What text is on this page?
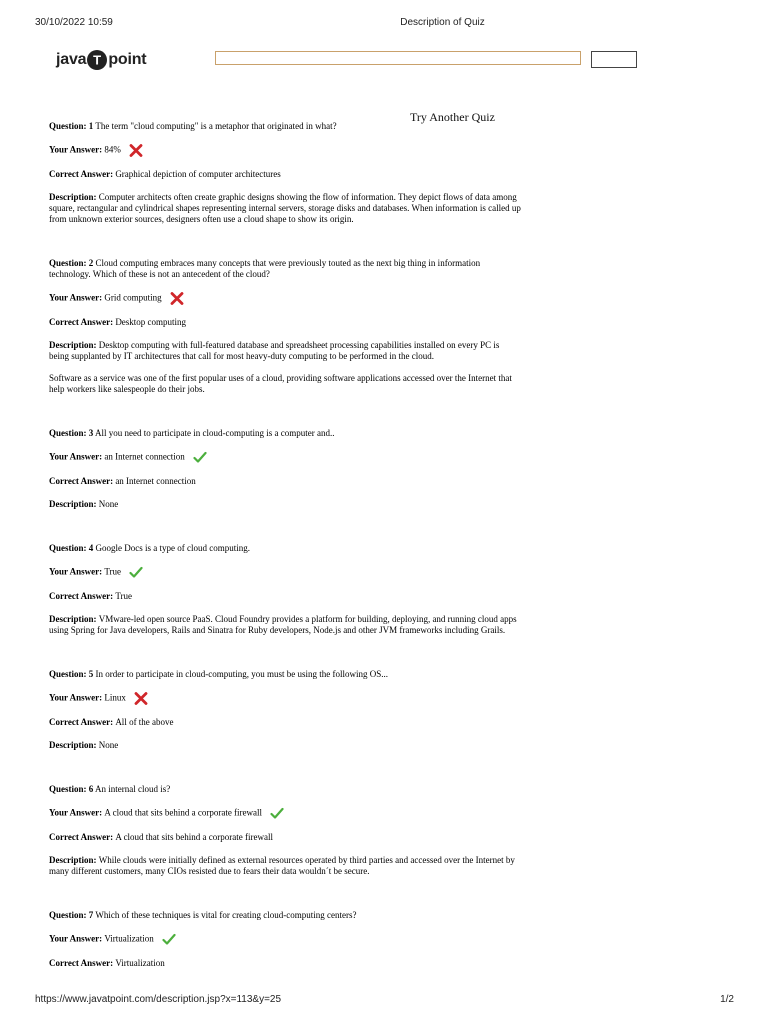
30/10/2022 10:59	Description of Quiz
java T point
Try Another Quiz

Question: 1 The term "cloud computing" is a metaphor that originated in what?

Your Answer: 84%

Correct Answer: Graphical depiction of computer architectures

Description: Computer architects often create graphic designs showing the flow of information. They depict flows of data among square, rectangular and cylindrical shapes representing internal servers, storage disks and databases. When information is called up from unknown exterior sources, designers often use a cloud shape to show its origin.

Question: 2 Cloud computing embraces many concepts that were previously touted as the next big thing in information technology. Which of these is not an antecedent of the cloud?

Your Answer: Grid computing

Correct Answer: Desktop computing

Description: Desktop computing with full-featured database and spreadsheet processing capabilities installed on every PC is being supplanted by IT architectures that call for most heavy-duty computing to be performed in the cloud.

Software as a service was one of the first popular uses of a cloud, providing software applications accessed over the Internet that help workers like salespeople do their jobs.

Question: 3 All you need to participate in cloud-computing is a computer and..

Your Answer: an Internet connection

Correct Answer: an Internet connection

Description: None

Question: 4 Google Docs is a type of cloud computing.

Your Answer: True

Correct Answer: True

Description: VMware-led open source PaaS. Cloud Foundry provides a platform for building, deploying, and running cloud apps using Spring for Java developers, Rails and Sinatra for Ruby developers, Node.js and other JVM frameworks including Grails.

Question: 5 In order to participate in cloud-computing, you must be using the following OS...

Your Answer: Linux

Correct Answer: All of the above

Description: None

Question: 6 An internal cloud is?

Your Answer: A cloud that sits behind a corporate firewall

Correct Answer: A cloud that sits behind a corporate firewall

Description: While clouds were initially defined as external resources operated by third parties and accessed over the Internet by many different customers, many CIOs resisted due to fears their data wouldn´t be secure.

Question: 7 Which of these techniques is vital for creating cloud-computing centers?

Your Answer: Virtualization

Correct Answer: Virtualization

https://www.javatpoint.com/description.jsp?x=113&y=25	1/2
